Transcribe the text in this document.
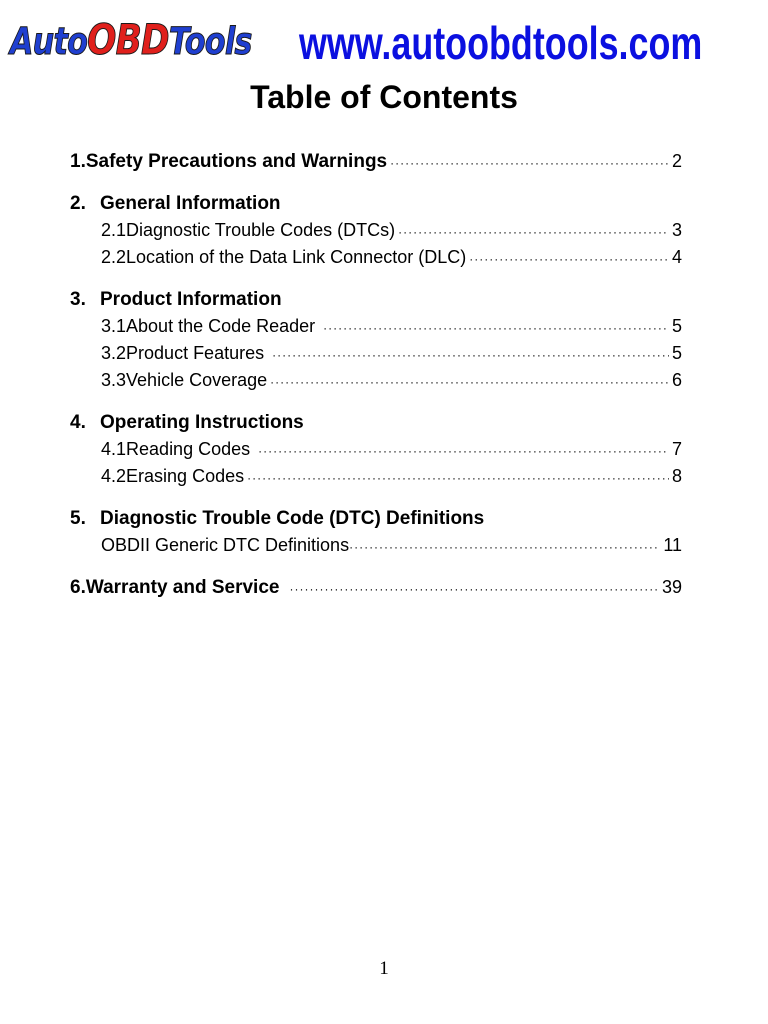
AutoOBDTools www.autoobdtools.com
Table of Contents
1. Safety Precautions and Warnings ·····	2
2. General Information
2.1 Diagnostic Trouble Codes (DTCs) ·····	3
2.2 Location of the Data Link Connector (DLC) ·····	4
3. Product Information
3.1 About the Code Reader ·····	5
3.2 Product Features ·····	5
3.3 Vehicle Coverage ·····	6
4. Operating Instructions
4.1 Reading Codes ·····	7
4.2 Erasing Codes ·····	8
5. Diagnostic Trouble Code (DTC) Definitions
OBDII Generic DTC Definitions ·····	11
6. Warranty and Service ·····	39
1
